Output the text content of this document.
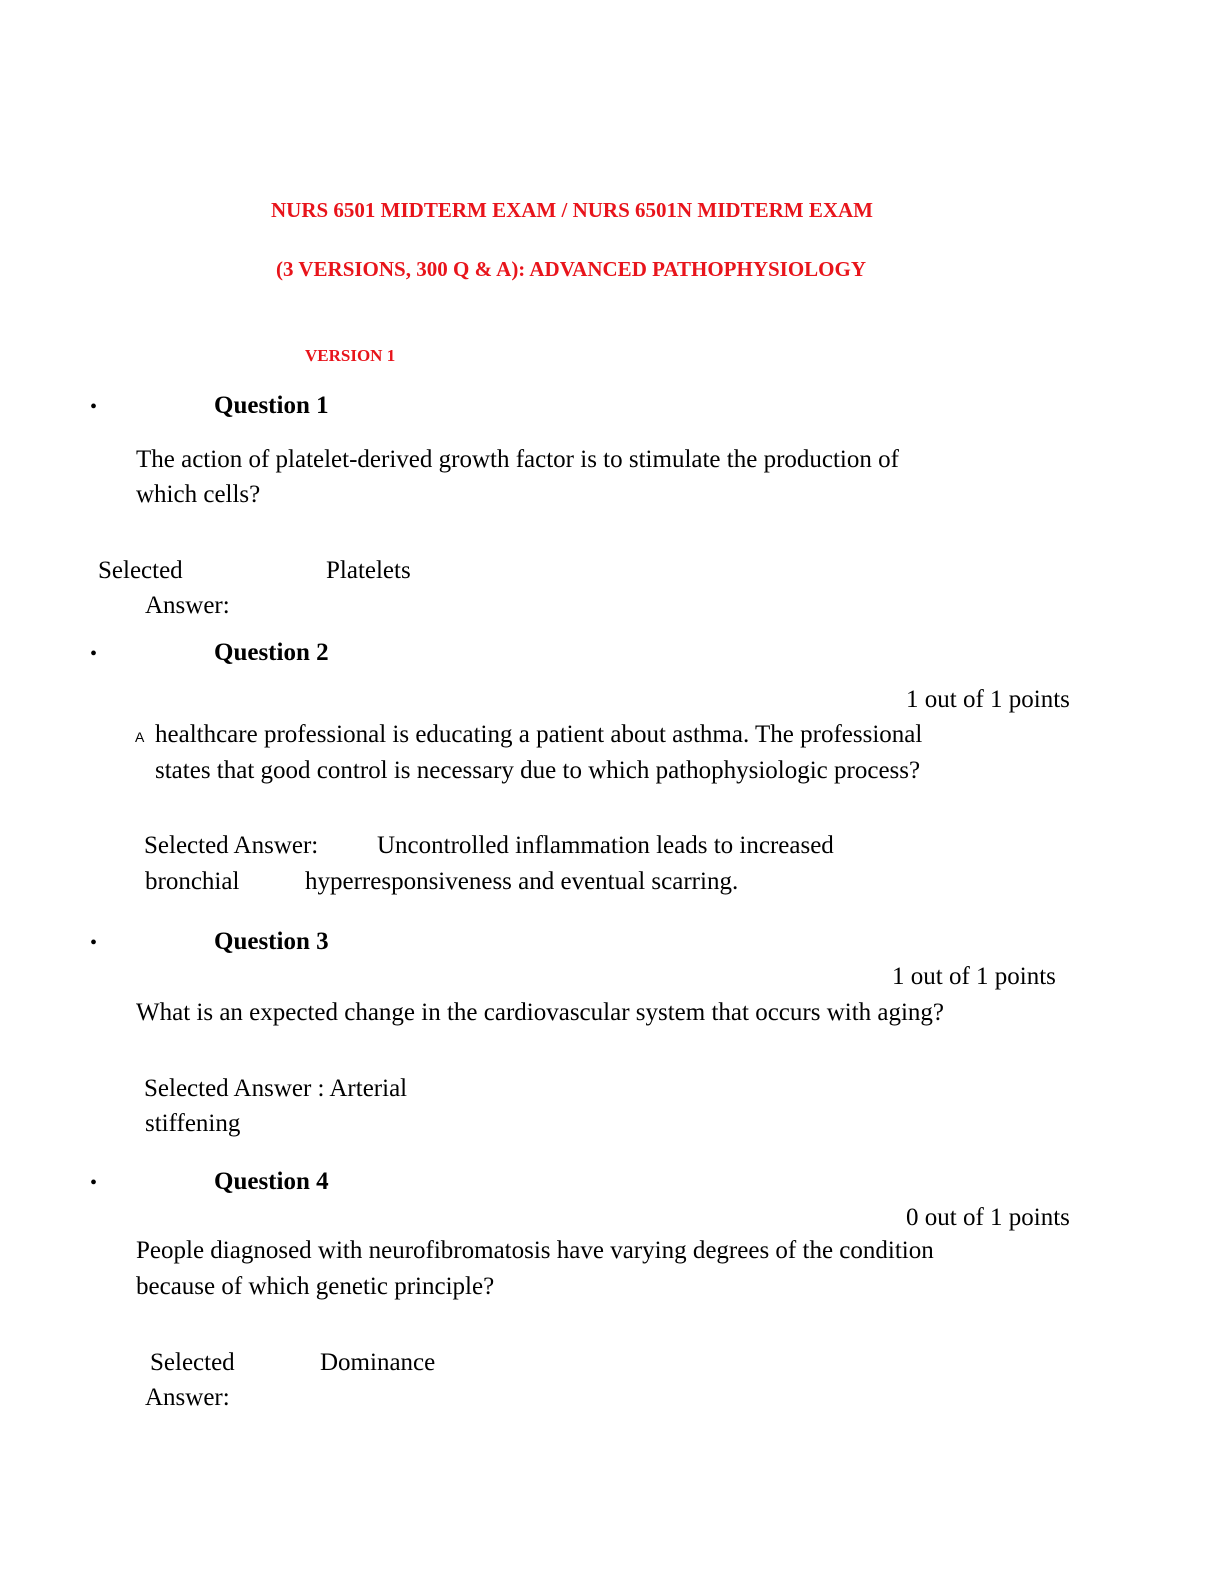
NURS 6501 MIDTERM EXAM / NURS 6501N MIDTERM EXAM
(3 VERSIONS, 300 Q & A): ADVANCED PATHOPHYSIOLOGY
VERSION 1
•	Question 1
The action of platelet-derived growth factor is to stimulate the production of
which cells?
Selected
Answer:
Platelets
•	Question 2
1 out of 1 points
A healthcare professional is educating a patient about asthma. The professional
states that good control is necessary due to which pathophysiologic process?
Selected Answer: Uncontrolled inflammation leads to increased
bronchial	hyperresponsiveness and eventual scarring.
•	Question 3
1 out of 1 points
What is an expected change in the cardiovascular system that occurs with aging?
Selected Answer : Arterial
stiffening
•	Question 4
0 out of 1 points
People diagnosed with neurofibromatosis have varying degrees of the condition
because of which genetic principle?
Selected
Answer:
Dominance
